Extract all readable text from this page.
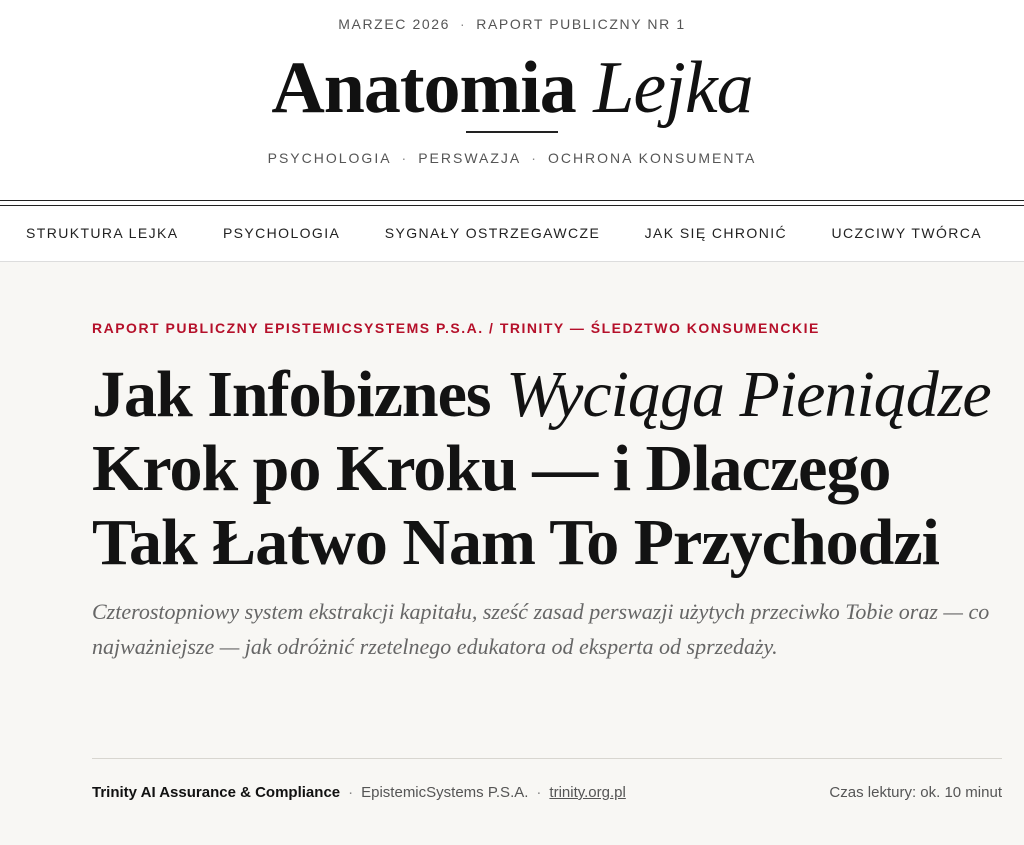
MARZEC 2026 · RAPORT PUBLICZNY NR 1
Anatomia Lejka
PSYCHOLOGIA · PERSWAZJA · OCHRONA KONSUMENTA
STRUKTURA LEJKA	PSYCHOLOGIA	SYGNAŁY OSTRZEGAWCZE	JAK SIĘ CHRONIĆ	UCZCIWY TWÓRCA
RAPORT PUBLICZNY EPISTEMICSYSTEMS P.S.A. / TRINITY — ŚLEDZTWO KONSUMENCKIE
Jak Infobiznes Wyciąga Pieniądze Krok po Kroku — i Dlaczego Tak Łatwo Nam To Przychodzi

Czterostopniowy system ekstrakcji kapitału, sześć zasad perswazji użytych przeciwko Tobie oraz — co najważniejsze — jak odróżnić rzetelnego edukatora od eksperta od sprzedaży.

Trinity AI Assurance & Compliance · EpistemicSystems P.S.A. · trinity.org.pl	Czas lektury: ok. 10 minut
